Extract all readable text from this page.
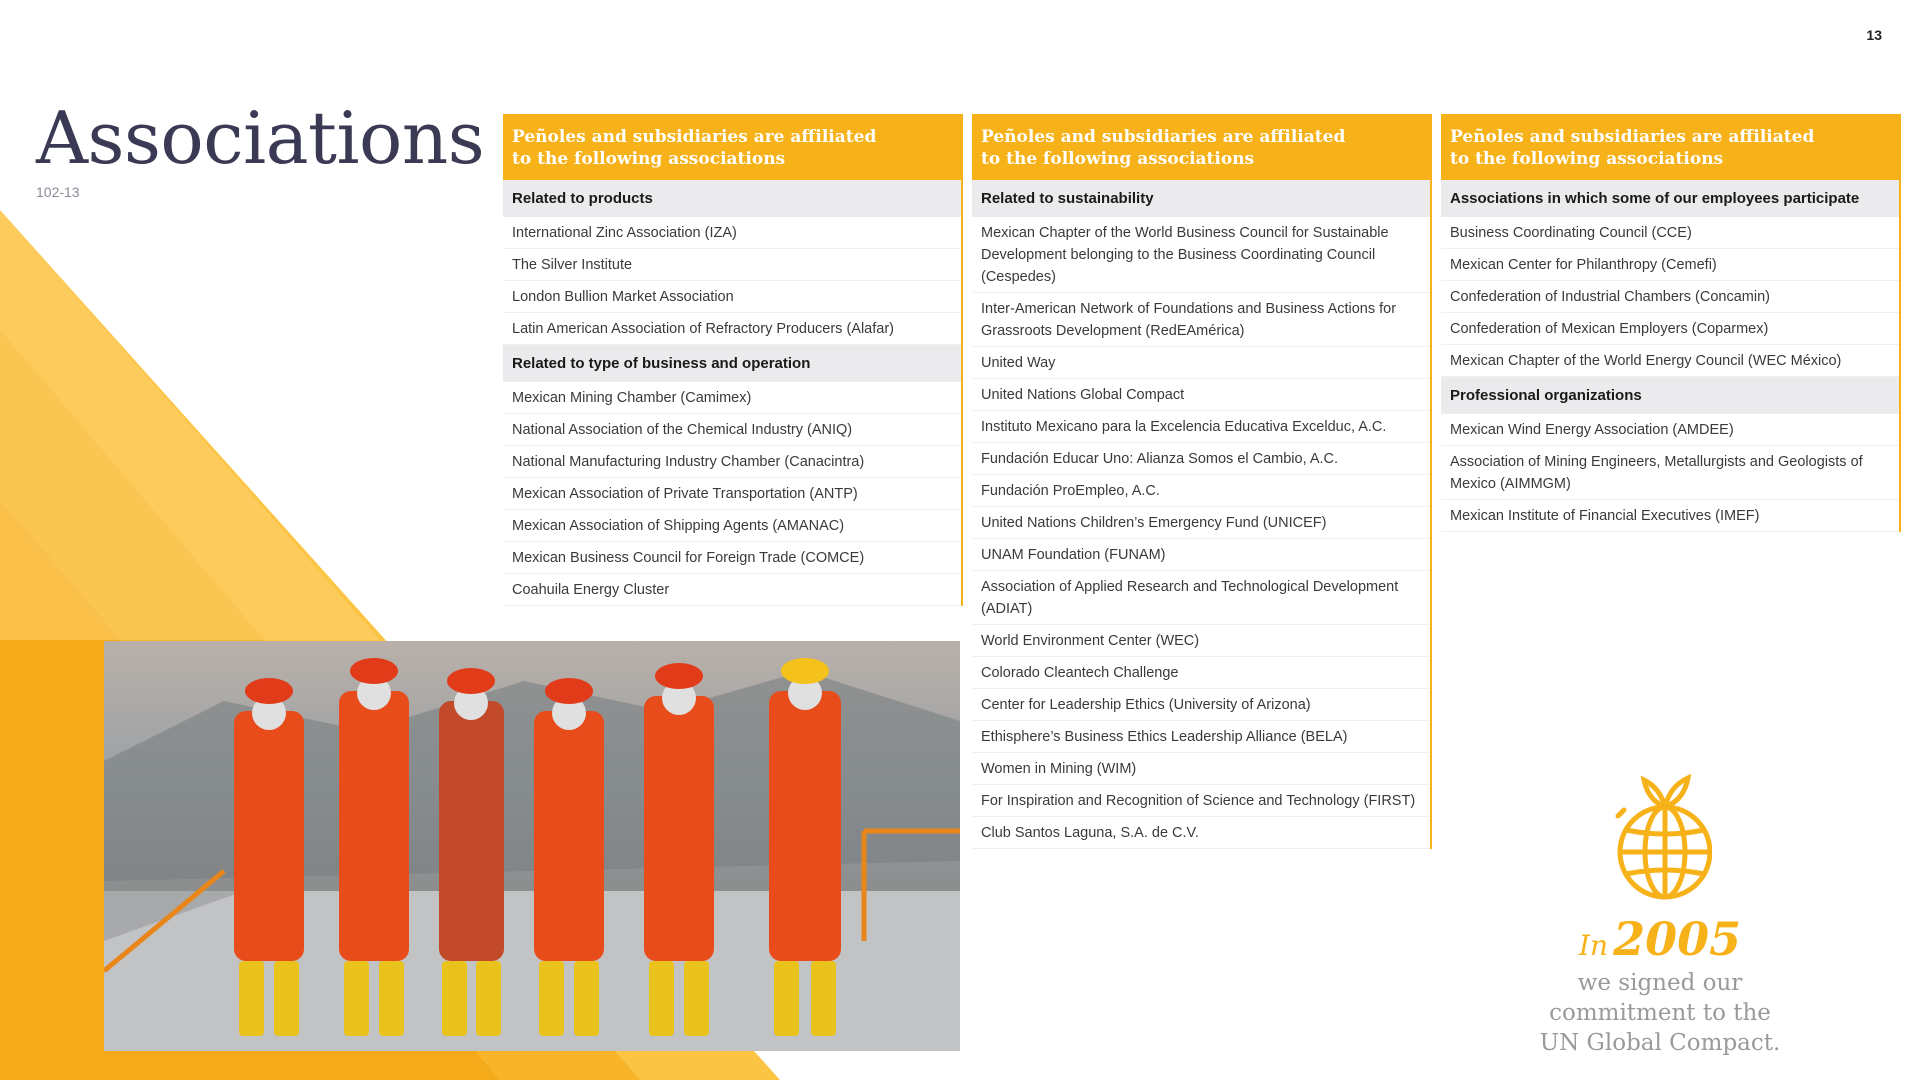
13
Associations
102-13
Peñoles and subsidiaries are affiliated
to the following associations
Related to products
International Zinc Association (IZA)
The Silver Institute
London Bullion Market Association
Latin American Association of Refractory Producers (Alafar)
Related to type of business and operation
Mexican Mining Chamber (Camimex)
National Association of the Chemical Industry (ANIQ)
National Manufacturing Industry Chamber (Canacintra)
Mexican Association of Private Transportation (ANTP)
Mexican Association of Shipping Agents (AMANAC)
Mexican Business Council for Foreign Trade (COMCE)
Coahuila Energy Cluster
Peñoles and subsidiaries are affiliated
to the following associations
Related to sustainability
Mexican Chapter of the World Business Council for Sustainable Development belonging to the Business Coordinating Council (Cespedes)
Inter-American Network of Foundations and Business Actions for Grassroots Development (RedEAmérica)
United Way
United Nations Global Compact
Instituto Mexicano para la Excelencia Educativa Excelduc, A.C.
Fundación Educar Uno: Alianza Somos el Cambio, A.C.
Fundación ProEmpleo, A.C.
United Nations Children’s Emergency Fund (UNICEF)
UNAM Foundation (FUNAM)
Association of Applied Research and Technological Development (ADIAT)
World Environment Center (WEC)
Colorado Cleantech Challenge
Center for Leadership Ethics (University of Arizona)
Ethisphere’s Business Ethics Leadership Alliance (BELA)
Women in Mining (WIM)
For Inspiration and Recognition of Science and Technology (FIRST)
Club Santos Laguna, S.A. de C.V.
Peñoles and subsidiaries are affiliated
to the following associations
Associations in which some of our employees participate
Business Coordinating Council (CCE)
Mexican Center for Philanthropy (Cemefi)
Confederation of Industrial Chambers (Concamin)
Confederation of Mexican Employers (Coparmex)
Mexican Chapter of the World Energy Council (WEC México)
Professional organizations
Mexican Wind Energy Association (AMDEE)
Association of Mining Engineers, Metallurgists and Geologists of Mexico (AIMMGM)
Mexican Institute of Financial Executives (IMEF)
In 2005
we signed our
commitment to the
UN Global Compact.
